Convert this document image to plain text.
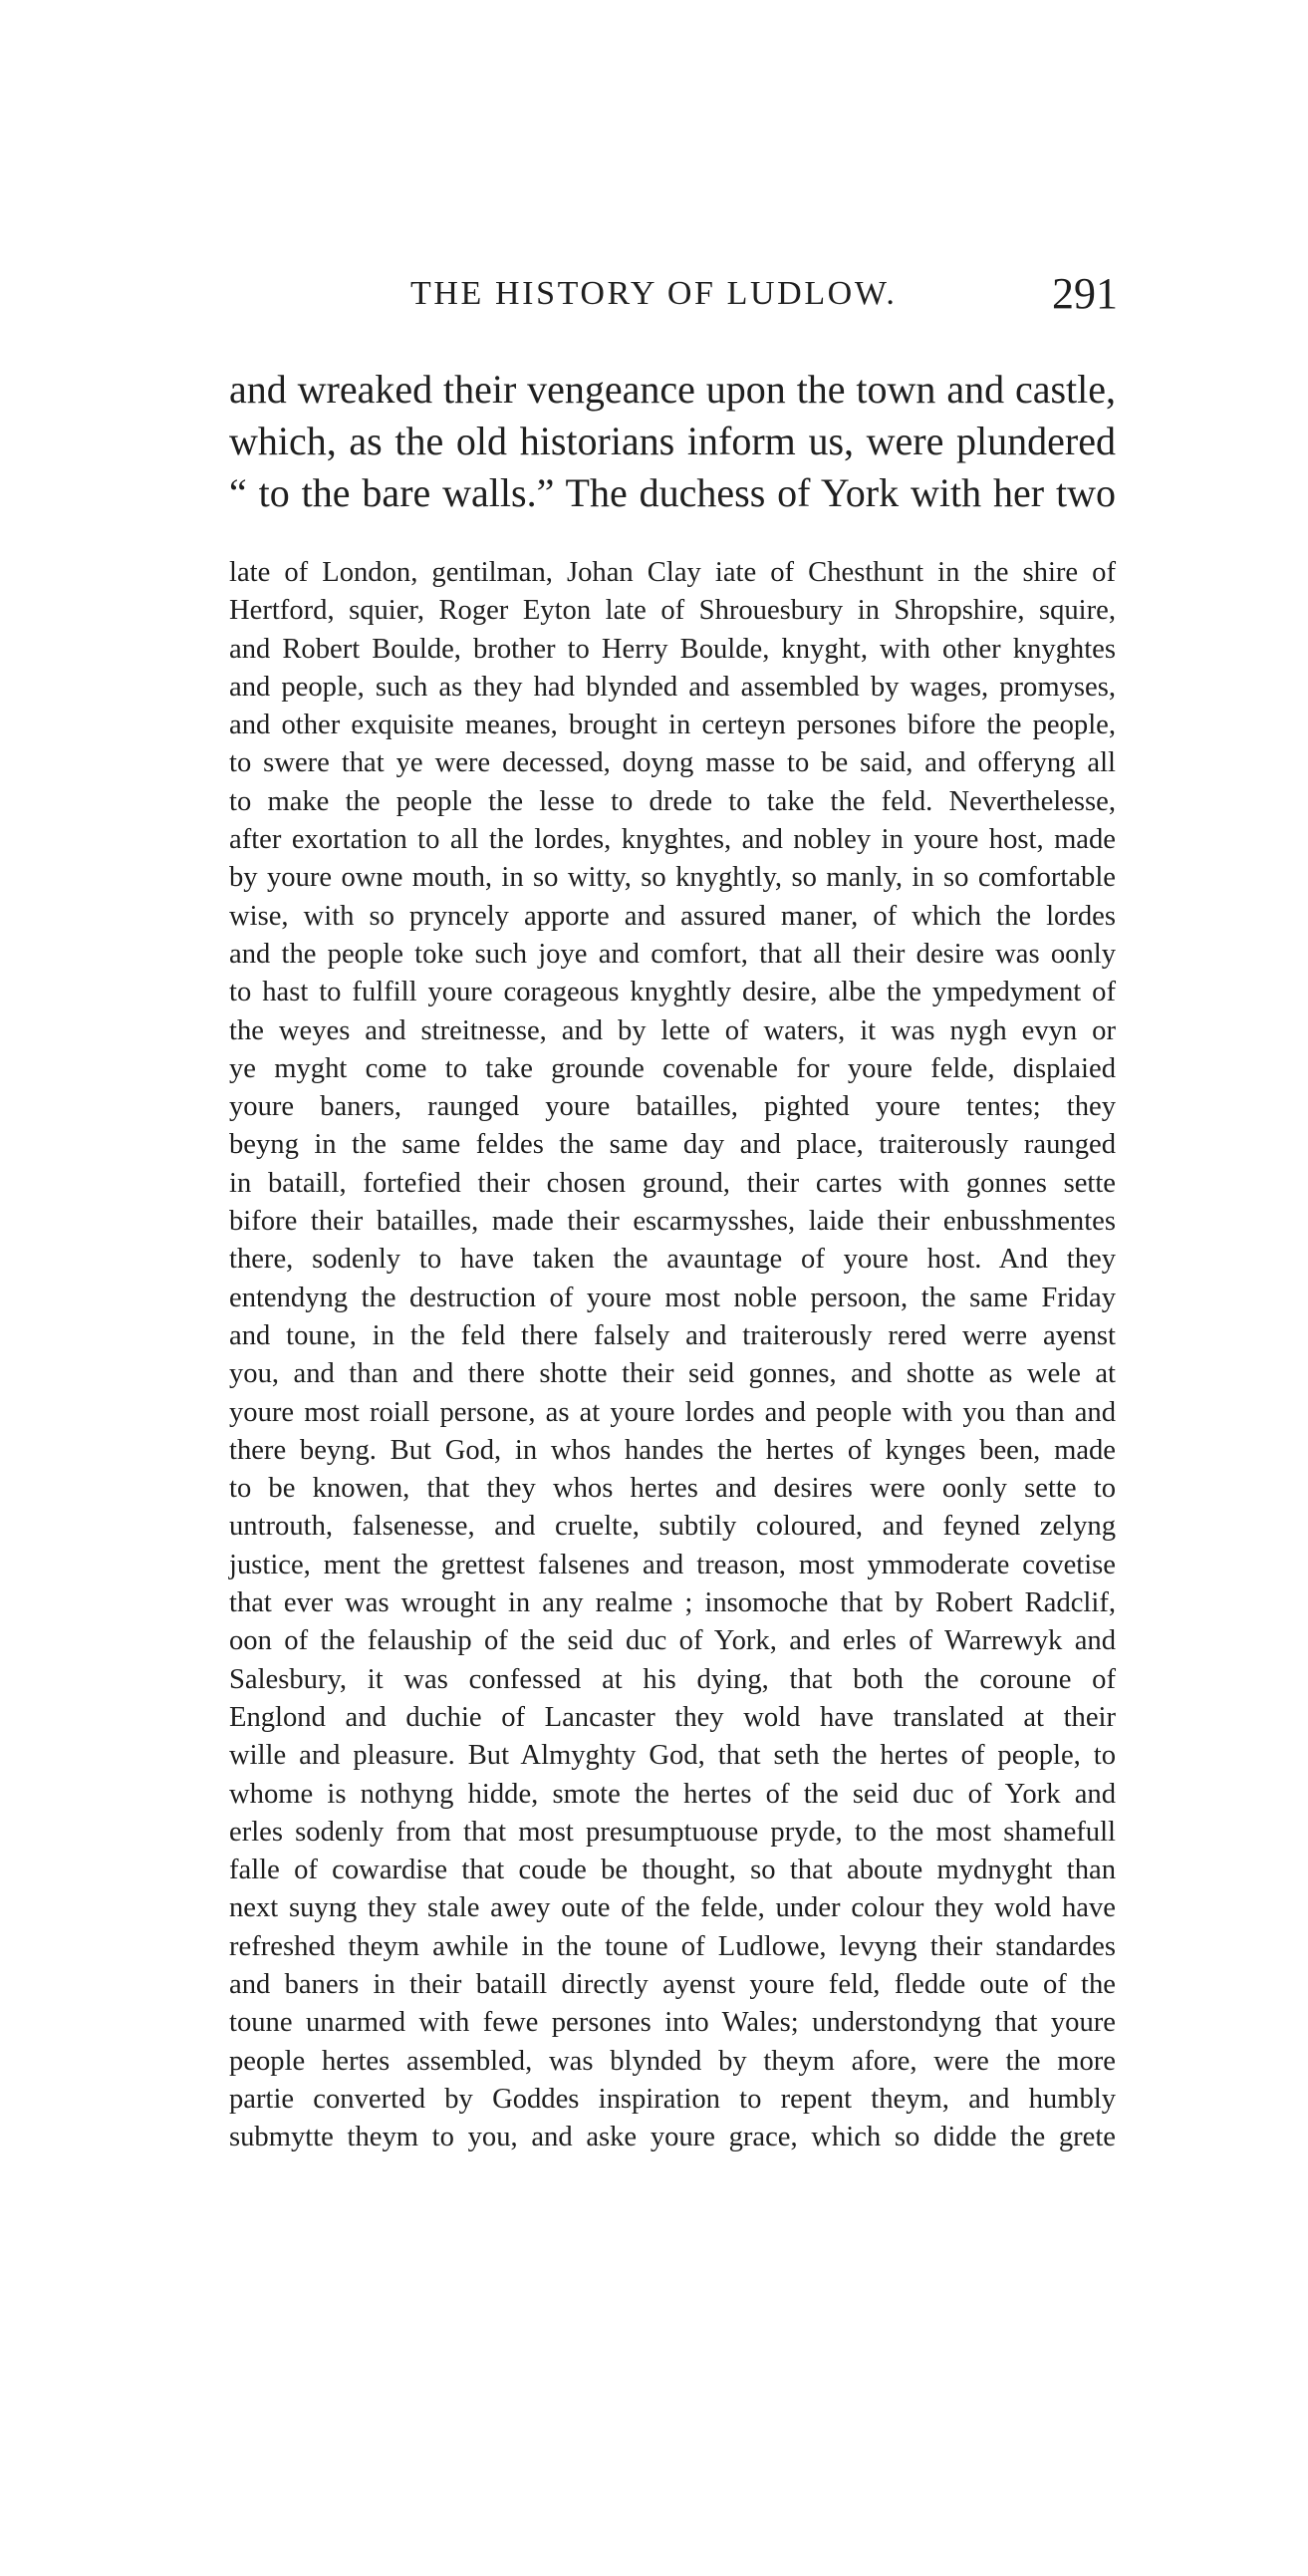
THE HISTORY OF LUDLOW.	291
and wreaked their vengeance upon the town and castle,
which, as the old historians inform us, were plundered
“ to the bare walls.” The duchess of York with her two
late of London, gentilman, Johan Clay iate of Chesthunt in the shire of
Hertford, squier, Roger Eyton late of Shrouesbury in Shropshire, squire,
and Robert Boulde, brother to Herry Boulde, knyght, with other knyghtes
and people, such as they had blynded and assembled by wages, promyses,
and other exquisite meanes, brought in certeyn persones bifore the people,
to swere that ye were decessed, doyng masse to be said, and offeryng all
to make the people the lesse to drede to take the feld. Neverthelesse,
after exortation to all the lordes, knyghtes, and nobley in youre host, made
by youre owne mouth, in so witty, so knyghtly, so manly, in so comfortable
wise, with so pryncely apporte and assured maner, of which the lordes
and the people toke such joye and comfort, that all their desire was oonly
to hast to fulfill youre corageous knyghtly desire, albe the ympedyment of
the weyes and streitnesse, and by lette of waters, it was nygh evyn or
ye myght come to take grounde covenable for youre felde, displaied
youre baners, raunged youre batailles, pighted youre tentes; they
beyng in the same feldes the same day and place, traiterously raunged
in bataill, fortefied their chosen ground, their cartes with gonnes sette
bifore their batailles, made their escarmysshes, laide their enbusshmentes
there, sodenly to have taken the avauntage of youre host. And they
entendyng the destruction of youre most noble persoon, the same Friday
and toune, in the feld there falsely and traiterously rered werre ayenst
you, and than and there shotte their seid gonnes, and shotte as wele at
youre most roiall persone, as at youre lordes and people with you than and
there beyng. But God, in whos handes the hertes of kynges been, made
to be knowen, that they whos hertes and desires were oonly sette to
untrouth, falsenesse, and cruelte, subtily coloured, and feyned zelyng
justice, ment the grettest falsenes and treason, most ymmoderate covetise
that ever was wrought in any realme ; insomoche that by Robert Radclif,
oon of the felauship of the seid duc of York, and erles of Warrewyk and
Salesbury, it was confessed at his dying, that both the coroune of
Englond and duchie of Lancaster they wold have translated at their
wille and pleasure. But Almyghty God, that seth the hertes of people, to
whome is nothyng hidde, smote the hertes of the seid duc of York and
erles sodenly from that most presumptuouse pryde, to the most shamefull
falle of cowardise that coude be thought, so that aboute mydnyght than
next suyng they stale awey oute of the felde, under colour they wold have
refreshed theym awhile in the toune of Ludlowe, levyng their standardes
and baners in their bataill directly ayenst youre feld, fledde oute of the
toune unarmed with fewe persones into Wales; understondyng that youre
people hertes assembled, was blynded by theym afore, were the more
partie converted by Goddes inspiration to repent theym, and humbly
submytte theym to you, and aske youre grace, which so didde the grete
